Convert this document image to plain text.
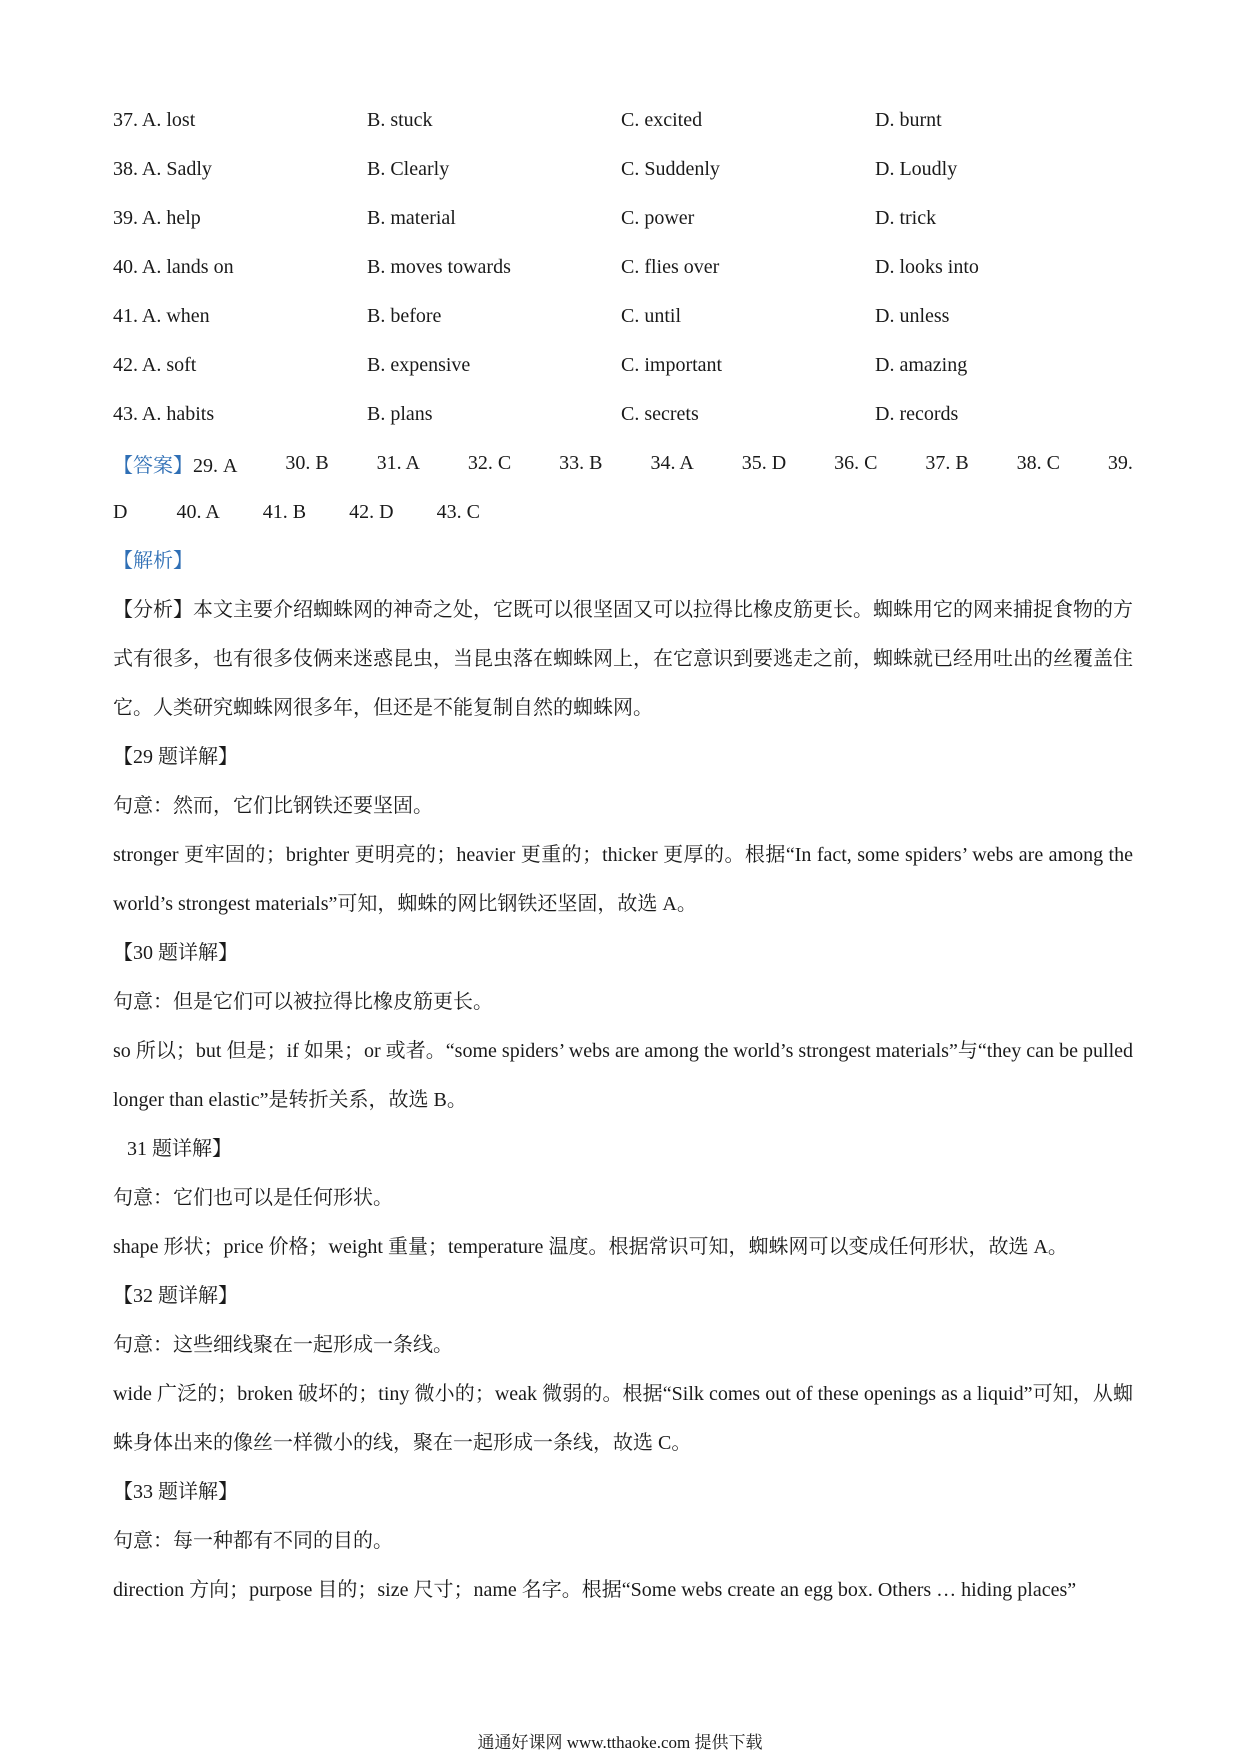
37. A. lost	B. stuck	C. excited	D. burnt
38. A. Sadly	B. Clearly	C. Suddenly	D. Loudly
39. A. help	B. material	C. power	D. trick
40. A. lands on	B. moves towards	C. flies over	D. looks into
41. A. when	B. before	C. until	D. unless
42. A. soft	B. expensive	C. important	D. amazing
43. A. habits	B. plans	C. secrets	D. records
【答案】29. A 30. B 31. A 32. C 33. B 34. A 35. D 36. C 37. B 38. C 39.
D 40. A 41. B 42. D 43. C
【解析】
【分析】本文主要介绍蜘蛛网的神奇之处，它既可以很坚固又可以拉得比橡皮筋更长。蜘蛛用它的网来捕捉食物的方式有很多，也有很多伎俩来迷惑昆虫，当昆虫落在蜘蛛网上，在它意识到要逃走之前，蜘蛛就已经用吐出的丝覆盖住它。人类研究蜘蛛网很多年，但还是不能复制自然的蜘蛛网。
【29 题详解】
句意：然而，它们比钢铁还要坚固。
stronger 更牢固的；brighter 更明亮的；heavier 更重的；thicker 更厚的。根据“In fact, some spiders’ webs are among the world’s strongest materials”可知，蜘蛛的网比钢铁还坚固，故选 A。
【30 题详解】
句意：但是它们可以被拉得比橡皮筋更长。
so 所以；but 但是；if 如果；or 或者。“some spiders’ webs are among the world’s strongest materials”与“they can be pulled longer than elastic”是转折关系，故选 B。
31 题详解】
句意：它们也可以是任何形状。
shape 形状；price 价格；weight 重量；temperature 温度。根据常识可知，蜘蛛网可以变成任何形状，故选 A。
【32 题详解】
句意：这些细线聚在一起形成一条线。
wide 广泛的；broken 破坏的；tiny 微小的；weak 微弱的。根据“Silk comes out of these openings as a liquid”可知，从蜘蛛身体出来的像丝一样微小的线，聚在一起形成一条线，故选 C。
【33 题详解】
句意：每一种都有不同的目的。
direction 方向；purpose 目的；size 尺寸；name 名字。根据“Some webs create an egg box. Others … hiding places”
通通好课网 www.tthaoke.com 提供下载
